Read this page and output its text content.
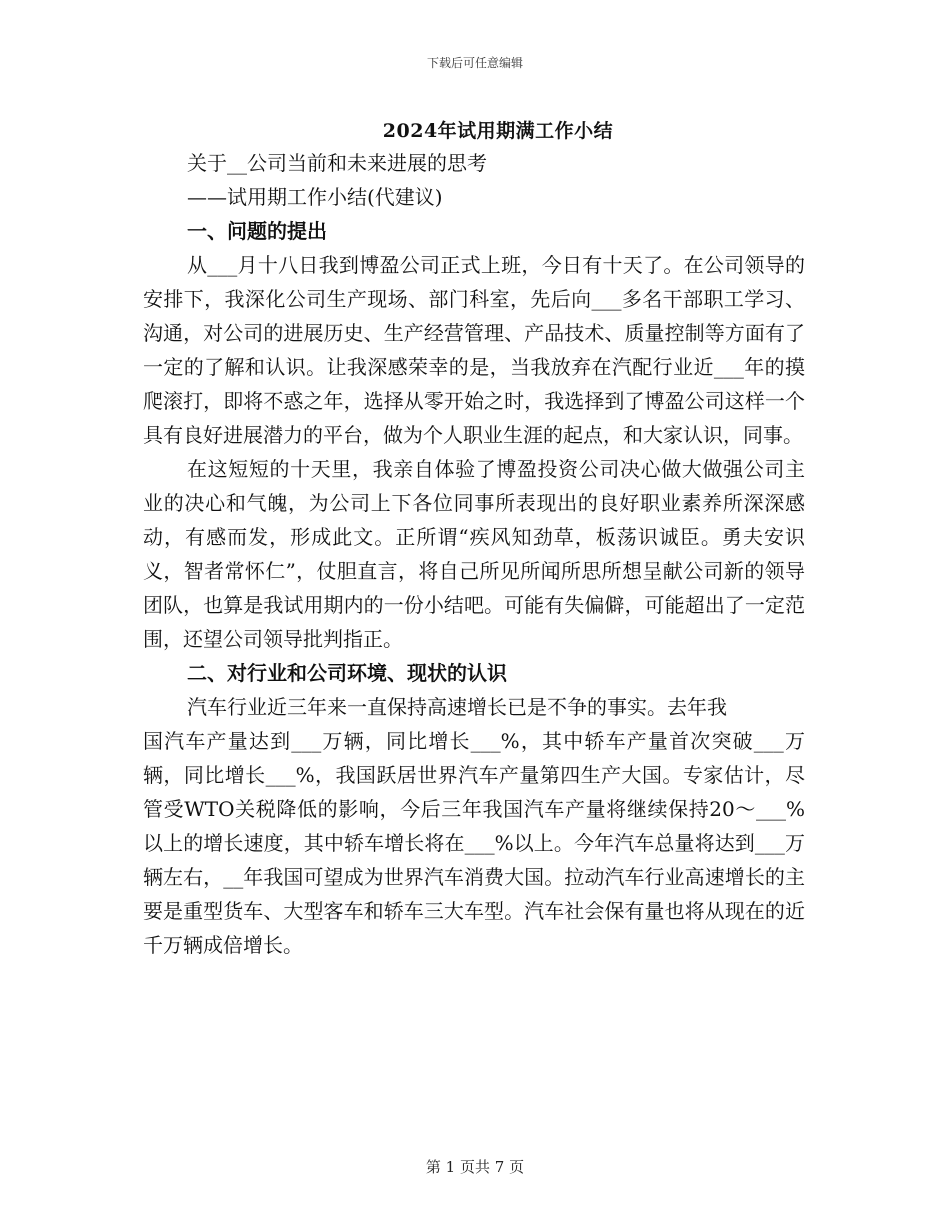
下载后可任意编辑
2024年试用期满工作小结

关于__公司当前和未来进展的思考

——试用期工作小结(代建议)

一、问题的提出

从___月十八日我到博盈公司正式上班，今日有十天了。在公司领导的安排下，我深化公司生产现场、部门科室，先后向___多名干部职工学习、沟通，对公司的进展历史、生产经营管理、产品技术、质量控制等方面有了一定的了解和认识。让我深感荣幸的是，当我放弃在汽配行业近___年的摸爬滚打，即将不惑之年，选择从零开始之时，我选择到了博盈公司这样一个具有良好进展潜力的平台，做为个人职业生涯的起点，和大家认识，同事。

在这短短的十天里，我亲自体验了博盈投资公司决心做大做强公司主业的决心和气魄，为公司上下各位同事所表现出的良好职业素养所深深感动，有感而发，形成此文。正所谓“疾风知劲草，板荡识诚臣。勇夫安识义，智者常怀仁”，仗胆直言，将自己所见所闻所思所想呈献公司新的领导团队，也算是我试用期内的一份小结吧。可能有失偏僻，可能超出了一定范围，还望公司领导批判指正。

二、对行业和公司环境、现状的认识

汽车行业近三年来一直保持高速增长已是不争的事实。去年我

国汽车产量达到___万辆，同比增长___%，其中轿车产量首次突破___万辆，同比增长___%，我国跃居世界汽车产量第四生产大国。专家估计，尽管受WTO关税降低的影响，今后三年我国汽车产量将继续保持20～___%以上的增长速度，其中轿车增长将在___%以上。今年汽车总量将达到___万辆左右，__年我国可望成为世界汽车消费大国。拉动汽车行业高速增长的主要是重型货车、大型客车和轿车三大车型。汽车社会保有量也将从现在的近千万辆成倍增长。

第 1 页共 7 页
